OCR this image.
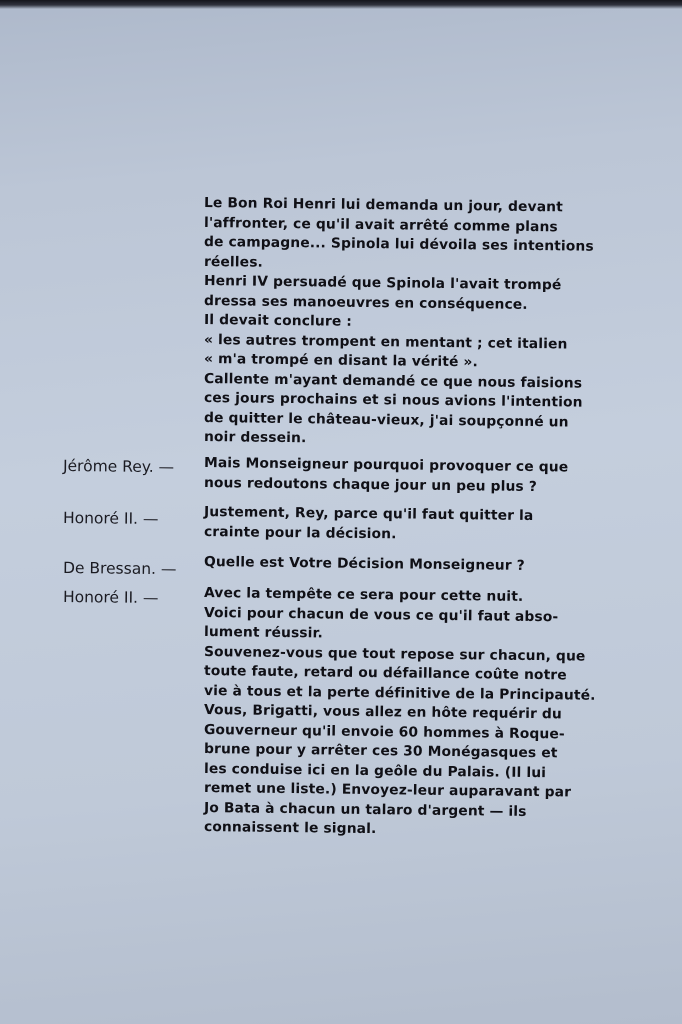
Le Bon Roi Henri lui demanda un jour, devant
l'affronter, ce qu'il avait arrêté comme plans
de campagne... Spinola lui dévoila ses intentions
réelles.
Henri IV persuadé que Spinola l'avait trompé
dressa ses manoeuvres en conséquence.
Il devait conclure :
« les autres trompent en mentant ; cet italien
« m'a trompé en disant la vérité ».
Callente m'ayant demandé ce que nous faisions
ces jours prochains et si nous avions l'intention
de quitter le château-vieux, j'ai soupçonné un
noir dessein.
Jérôme Rey. — Mais Monseigneur pourquoi provoquer ce que
nous redoutons chaque jour un peu plus ?
Honoré II. —	Justement, Rey, parce qu'il faut quitter la
crainte pour la décision.
De Bressan. — Quelle est Votre Décision Monseigneur ?
Honoré II. —	Avec la tempête ce sera pour cette nuit.
Voici pour chacun de vous ce qu'il faut abso-
lument réussir.
Souvenez-vous que tout repose sur chacun, que
toute faute, retard ou défaillance coûte notre
vie à tous et la perte définitive de la Principauté.
Vous, Brigatti, vous allez en hôte requérir du
Gouverneur qu'il envoie 60 hommes à Roque-
brune pour y arrêter ces 30 Monégasques et
les conduise ici en la geôle du Palais. (Il lui
remet une liste.) Envoyez-leur auparavant par
Jo Bata à chacun un talaro d'argent — ils
connaissent le signal.
